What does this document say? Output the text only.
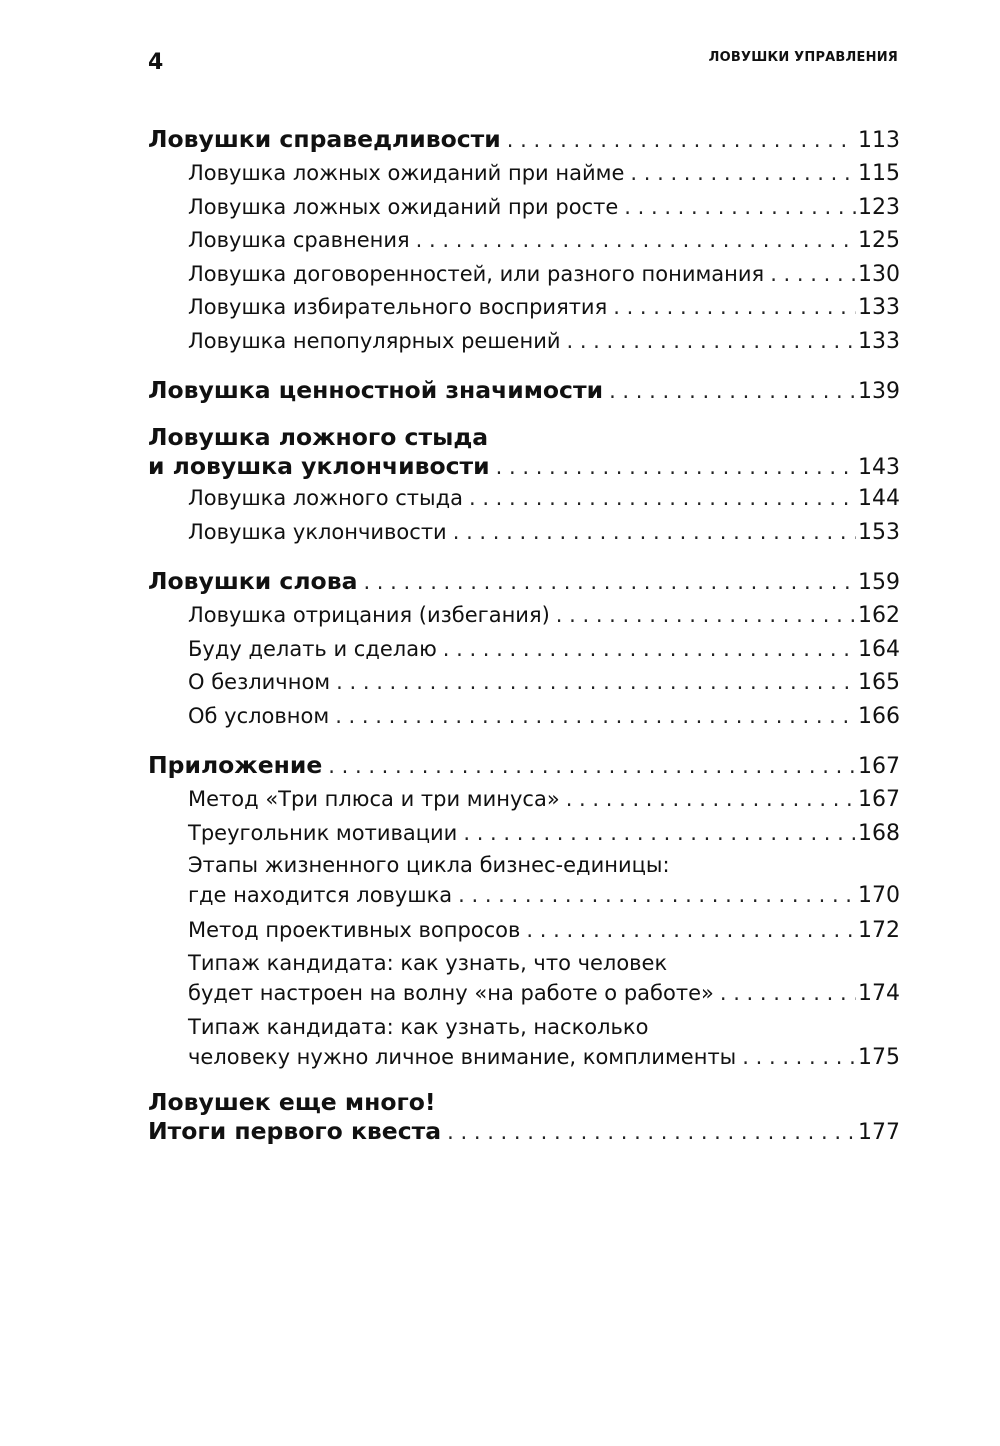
4	ЛОВУШКИ УПРАВЛЕНИЯ
Ловушки справедливости . . .	113
Ловушка ложных ожиданий при найме . . .	115
Ловушка ложных ожиданий при росте . . .	123
Ловушка сравнения . . .	125
Ловушка договоренностей, или разного понимания . . .	130
Ловушка избирательного восприятия . . .	133
Ловушка непопулярных решений . . .	133
Ловушка ценностной значимости . . .	139
Ловушка ложного стыда
и ловушка уклончивости . . .	143
Ловушка ложного стыда . . .	144
Ловушка уклончивости . . .	153
Ловушки слова . . .	159
Ловушка отрицания (избегания) . . .	162
Буду делать и сделаю . . .	164
О безличном . . .	165
Об условном . . .	166
Приложение . . .	167
Метод «Три плюса и три минуса» . . .	167
Треугольник мотивации . . .	168
Этапы жизненного цикла бизнес-единицы:
где находится ловушка . . .	170
Метод проективных вопросов . . .	172
Типаж кандидата: как узнать, что человек
будет настроен на волну «на работе о работе» . . .	174
Типаж кандидата: как узнать, насколько
человеку нужно личное внимание, комплименты . . .	175
Ловушек еще много!
Итоги первого квеста . . .	177
